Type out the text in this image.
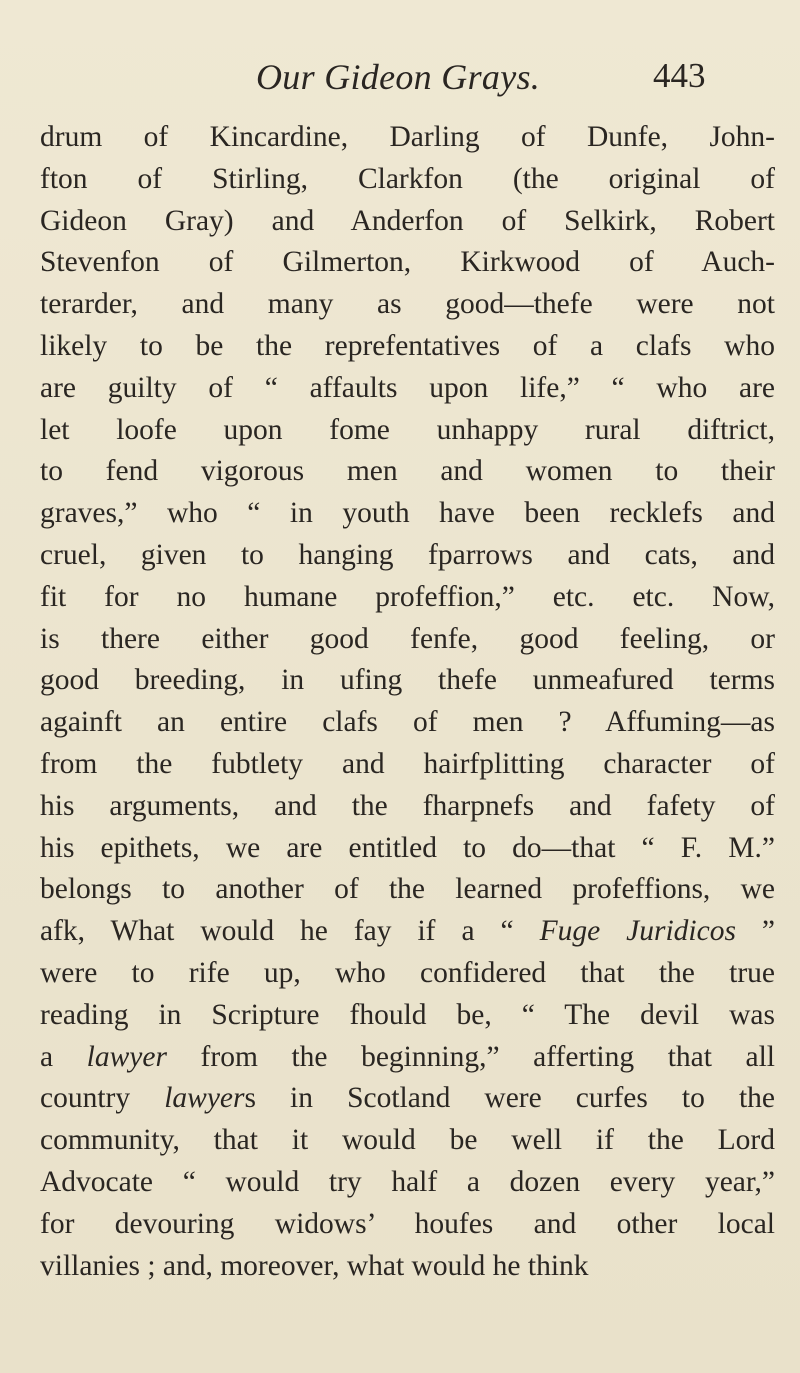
Our Gideon Grays.	443
drum of Kincardine, Darling of Dunfe, John-
fton of Stirling, Clarkfon (the original of
Gideon Gray) and Anderfon of Selkirk, Robert
Stevenfon of Gilmerton, Kirkwood of Auch-
terarder, and many as good—thefe were not
likely to be the reprefentatives of a clafs who
are guilty of “ affaults upon life,” “ who are
let loofe upon fome unhappy rural diftrict,
to fend vigorous men and women to their
graves,” who “ in youth have been recklefs and
cruel, given to hanging fparrows and cats, and
fit for no humane profeffion,” etc. etc. Now,
is there either good fenfe, good feeling, or
good breeding, in ufing thefe unmeafured terms
againft an entire clafs of men ? Affuming—as
from the fubtlety and hairfplitting character of
his arguments, and the fharpnefs and fafety of
his epithets, we are entitled to do—that “ F. M.”
belongs to another of the learned profeffions, we
afk, What would he fay if a “ Fuge Juridicos ”
were to rife up, who confidered that the true
reading in Scripture fhould be, “ The devil was
a lawyer from the beginning,” afferting that all
country lawyers in Scotland were curfes to the
community, that it would be well if the Lord
Advocate “ would try half a dozen every year,”
for devouring widows’ houfes and other local
villanies ; and, moreover, what would he think
